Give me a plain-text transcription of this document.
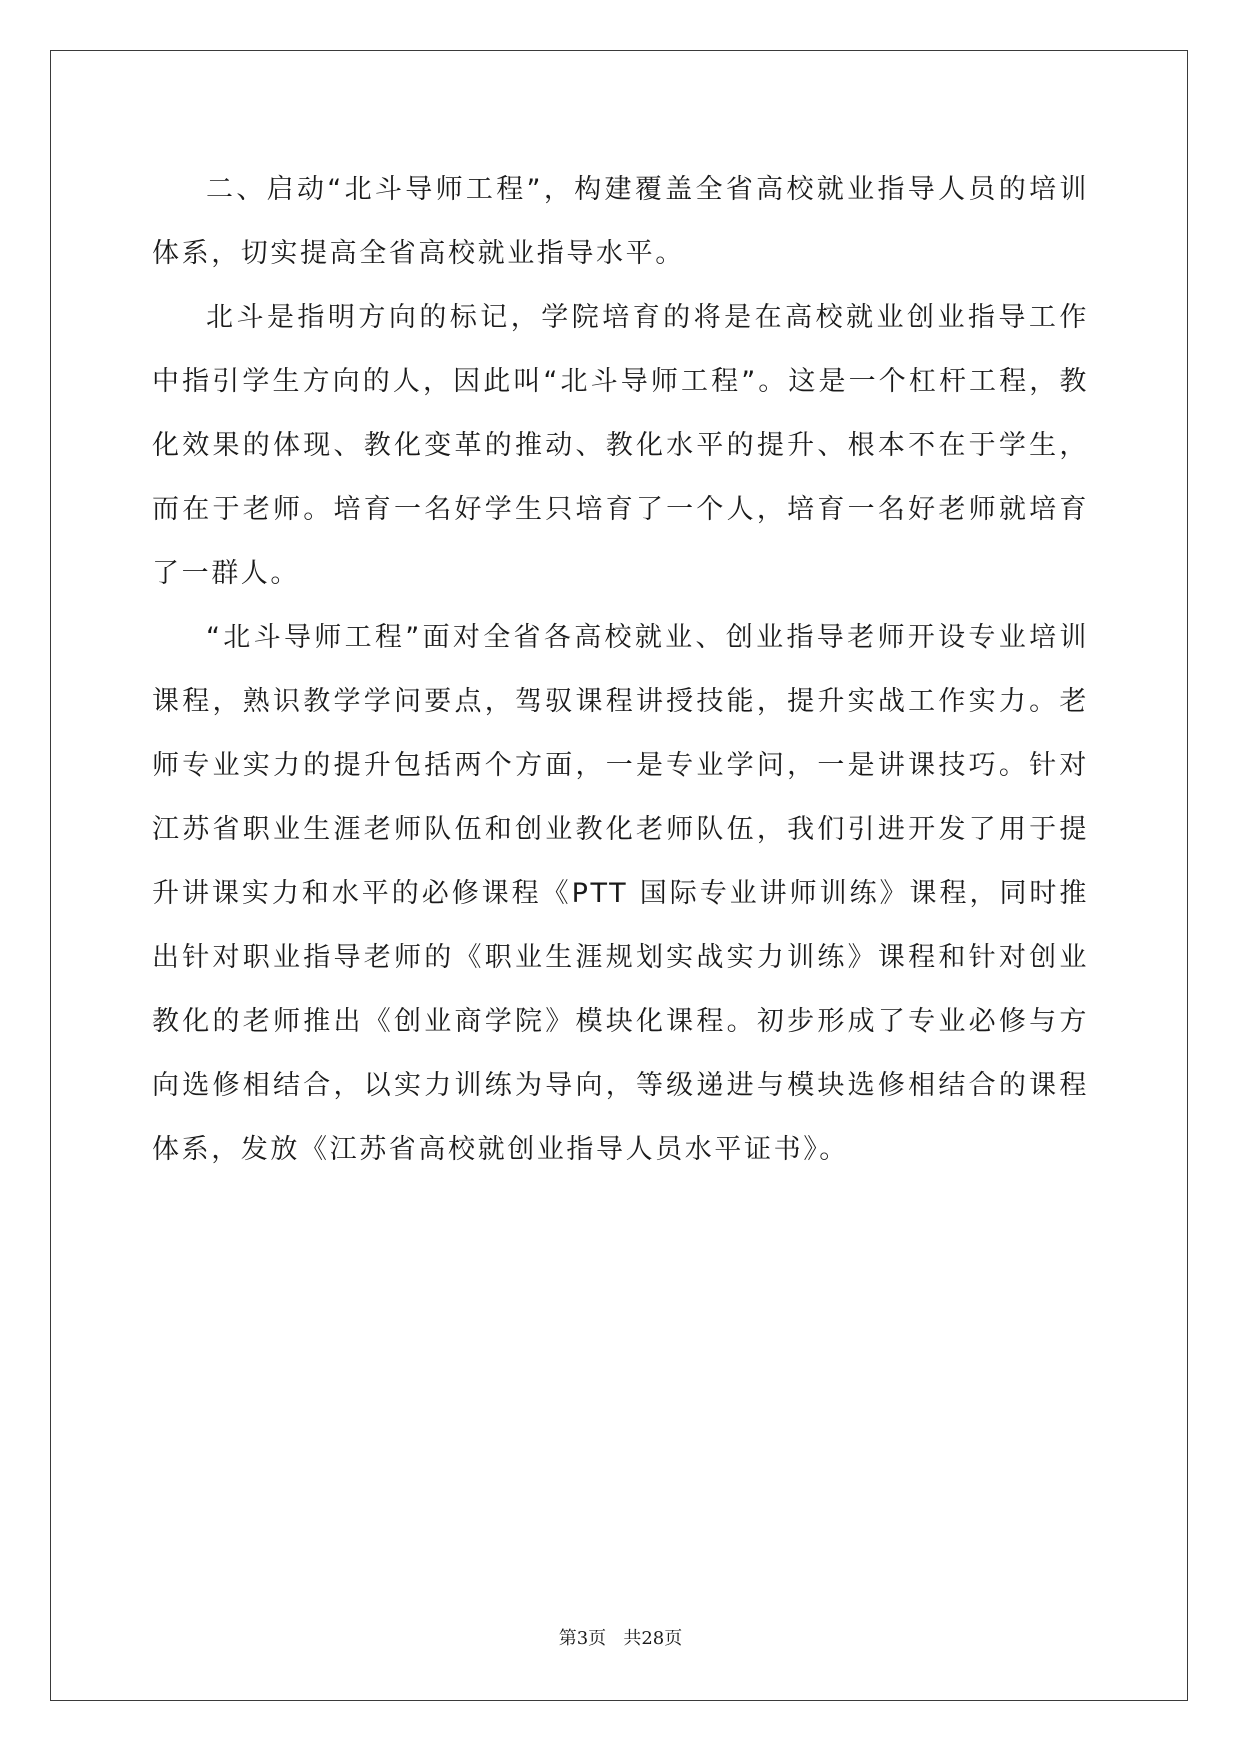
二、启动“北斗导师工程”，构建覆盖全省高校就业指导人员的培训体系，切实提高全省高校就业指导水平。

北斗是指明方向的标记，学院培育的将是在高校就业创业指导工作中指引学生方向的人，因此叫“北斗导师工程”。这是一个杠杆工程，教化效果的体现、教化变革的推动、教化水平的提升、根本不在于学生，而在于老师。培育一名好学生只培育了一个人，培育一名好老师就培育了一群人。

“北斗导师工程”面对全省各高校就业、创业指导老师开设专业培训课程，熟识教学学问要点，驾驭课程讲授技能，提升实战工作实力。老师专业实力的提升包括两个方面，一是专业学问，一是讲课技巧。针对江苏省职业生涯老师队伍和创业教化老师队伍，我们引进开发了用于提升讲课实力和水平的必修课程《PTT 国际专业讲师训练》课程，同时推出针对职业指导老师的《职业生涯规划实战实力训练》课程和针对创业教化的老师推出《创业商学院》模块化课程。初步形成了专业必修与方向选修相结合，以实力训练为导向，等级递进与模块选修相结合的课程体系，发放《江苏省高校就创业指导人员水平证书》。

第3页   共28页
